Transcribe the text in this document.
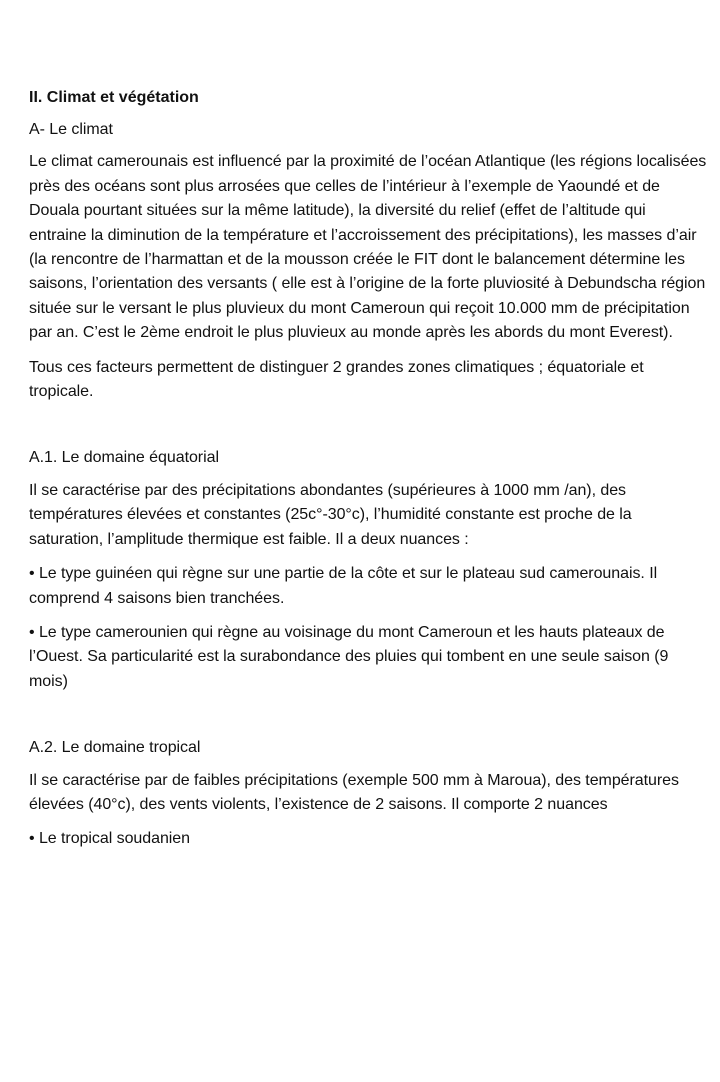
II. Climat et végétation
A- Le climat
Le climat camerounais est influencé par la proximité de l’océan Atlantique (les régions localisées près des océans sont plus arrosées que celles de l’intérieur à l’exemple de Yaoundé et de Douala pourtant situées sur la même latitude), la diversité du relief (effet de l’altitude qui entraine la diminution de la température et l’accroissement des précipitations), les masses d’air (la rencontre de l’harmattan et de la mousson créée le FIT dont le balancement détermine les saisons, l’orientation des versants ( elle est à l’origine de la forte pluviosité à Debundscha région située sur le versant le plus pluvieux du mont Cameroun qui reçoit 10.000 mm de précipitation par an. C’est le 2ème endroit le plus pluvieux au monde après les abords du mont Everest).
Tous ces facteurs permettent de distinguer 2 grandes zones climatiques ; équatoriale et tropicale.
A.1. Le domaine équatorial
Il se caractérise par des précipitations abondantes (supérieures à 1000 mm /an), des températures élevées et constantes (25c°-30°c), l’humidité constante est proche de la saturation, l’amplitude thermique est faible. Il a deux nuances :
• Le type guinéen qui règne sur une partie de la côte et sur le plateau sud camerounais. Il comprend 4 saisons bien tranchées.
• Le type camerounien qui règne au voisinage du mont Cameroun et les hauts plateaux de l’Ouest. Sa particularité est la surabondance des pluies qui tombent en une seule saison (9 mois)
A.2. Le domaine tropical
Il se caractérise par de faibles précipitations (exemple 500 mm à Maroua), des températures élevées (40°c), des vents violents, l’existence de 2 saisons. Il comporte 2 nuances
• Le tropical soudanien
